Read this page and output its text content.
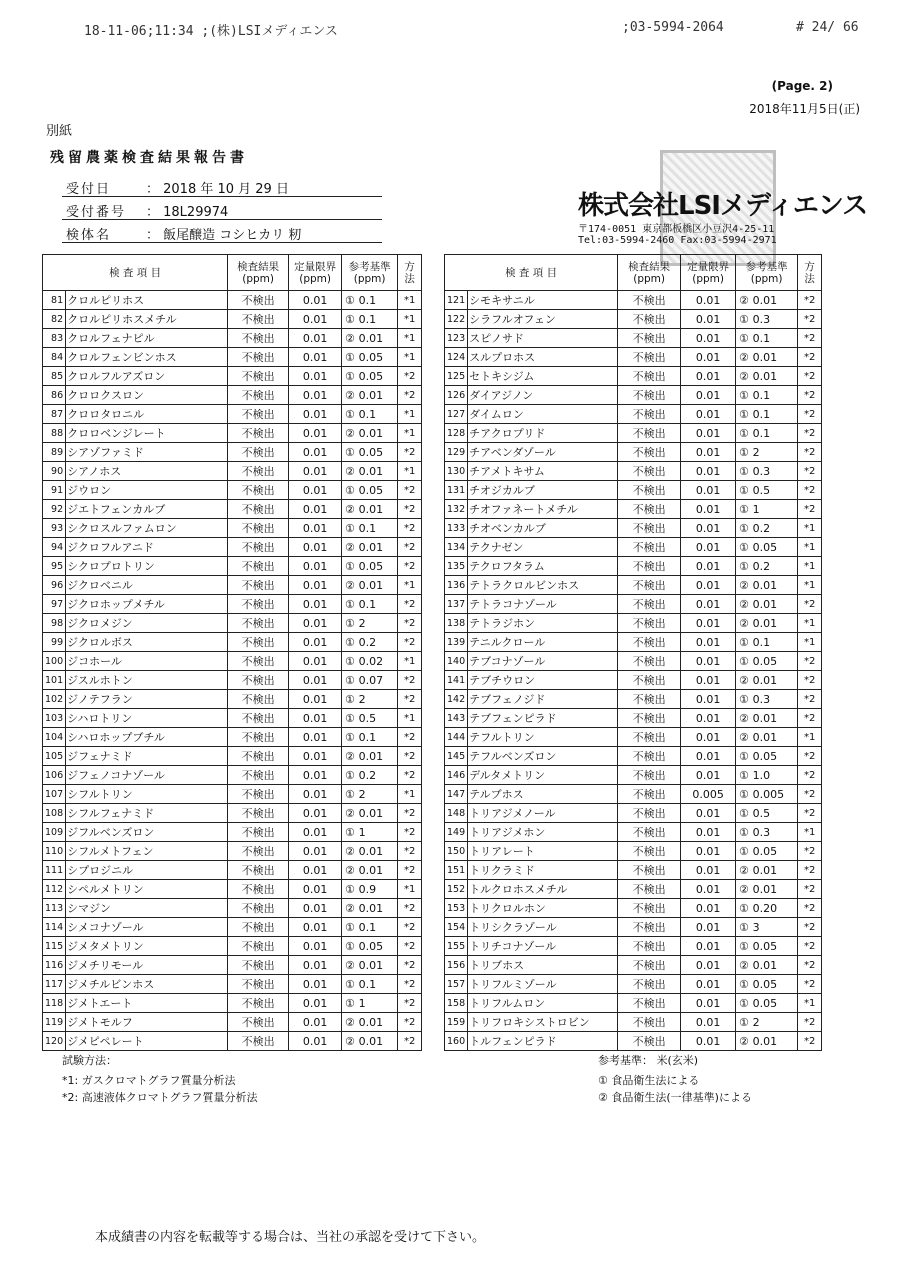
18-11-06;11:34 ;(株)LSIメディエンス	;03-5994-2064	# 24/ 66
(Page. 2)
2018年11月5日(正)
別紙
残留農薬検査結果報告書
受付日	： 2018 年 10 月 29 日
受付番号 ： 18L29974
検体名	： 飯尾醸造 コシヒカリ 籾
株式会社LSIメディエンス
〒174-0051 東京都板橋区小豆沢4-25-11
Tel:03-5994-2460 Fax:03-5994-2971
検 査 項 目		検査結果
(ppm)	定量限界
(ppm)	参考基準
(ppm)		方
法
81	クロルピリホス	不検出	0.01	①	0.1	*1
82	クロルピリホスメチル	不検出	0.01	①	0.1	*1
83	クロルフェナピル	不検出	0.01	②	0.01	*1
84	クロルフェンビンホス	不検出	0.01	①	0.05	*1
85	クロルフルアズロン	不検出	0.01	①	0.05	*2
86	クロロクスロン	不検出	0.01	②	0.01	*2
87	クロロタロニル	不検出	0.01	①	0.1	*1
88	クロロベンジレート	不検出	0.01	②	0.01	*1
89	シアゾファミド	不検出	0.01	①	0.05	*2
90	シアノホス	不検出	0.01	②	0.01	*1
91	ジウロン	不検出	0.01	①	0.05	*2
92	ジエトフェンカルブ	不検出	0.01	②	0.01	*2
93	シクロスルファムロン	不検出	0.01	①	0.1	*2
94	ジクロフルアニド	不検出	0.01	②	0.01	*2
95	シクロプロトリン	不検出	0.01	①	0.05	*2
96	ジクロベニル	不検出	0.01	②	0.01	*1
97	ジクロホップメチル	不検出	0.01	①	0.1	*2
98	ジクロメジン	不検出	0.01	①	2	*2
99	ジクロルボス	不検出	0.01	①	0.2	*2
100	ジコホール	不検出	0.01	①	0.02	*1
101	ジスルホトン	不検出	0.01	①	0.07	*2
102	ジノテフラン	不検出	0.01	①	2	*2
103	シハロトリン	不検出	0.01	①	0.5	*1
104	シハロホップブチル	不検出	0.01	①	0.1	*2
105	ジフェナミド	不検出	0.01	②	0.01	*2
106	ジフェノコナゾール	不検出	0.01	①	0.2	*2
107	シフルトリン	不検出	0.01	①	2	*1
108	シフルフェナミド	不検出	0.01	②	0.01	*2
109	ジフルベンズロン	不検出	0.01	①	1	*2
110	シフルメトフェン	不検出	0.01	②	0.01	*2
111	シプロジニル	不検出	0.01	②	0.01	*2
112	シペルメトリン	不検出	0.01	①	0.9	*1
113	シマジン	不検出	0.01	②	0.01	*2
114	シメコナゾール	不検出	0.01	①	0.1	*2
115	ジメタメトリン	不検出	0.01	①	0.05	*2
116	ジメチリモール	不検出	0.01	②	0.01	*2
117	ジメチルビンホス	不検出	0.01	①	0.1	*2
118	ジメトエート	不検出	0.01	①	1	*2
119	ジメトモルフ	不検出	0.01	②	0.01	*2
120	ジメピペレート	不検出	0.01	②	0.01	*2
検 査 項 目		検査結果
(ppm)	定量限界
(ppm)	参考基準
(ppm)		方
法
121	シモキサニル	不検出	0.01	②	0.01	*2
122	シラフルオフェン	不検出	0.01	①	0.3	*2
123	スピノサド	不検出	0.01	①	0.1	*2
124	スルプロホス	不検出	0.01	②	0.01	*2
125	セトキシジム	不検出	0.01	②	0.01	*2
126	ダイアジノン	不検出	0.01	①	0.1	*2
127	ダイムロン	不検出	0.01	①	0.1	*2
128	チアクロプリド	不検出	0.01	①	0.1	*2
129	チアベンダゾール	不検出	0.01	①	2	*2
130	チアメトキサム	不検出	0.01	①	0.3	*2
131	チオジカルブ	不検出	0.01	①	0.5	*2
132	チオファネートメチル	不検出	0.01	①	1	*2
133	チオベンカルブ	不検出	0.01	①	0.2	*1
134	テクナゼン	不検出	0.01	①	0.05	*1
135	テクロフタラム	不検出	0.01	①	0.2	*1
136	テトラクロルビンホス	不検出	0.01	②	0.01	*1
137	テトラコナゾール	不検出	0.01	②	0.01	*2
138	テトラジホン	不検出	0.01	②	0.01	*1
139	テニルクロール	不検出	0.01	①	0.1	*1
140	テブコナゾール	不検出	0.01	①	0.05	*2
141	テブチウロン	不検出	0.01	②	0.01	*2
142	テブフェノジド	不検出	0.01	①	0.3	*2
143	テブフェンピラド	不検出	0.01	②	0.01	*2
144	テフルトリン	不検出	0.01	②	0.01	*1
145	テフルベンズロン	不検出	0.01	①	0.05	*2
146	デルタメトリン	不検出	0.01	①	1.0	*2
147	テルブホス	不検出	0.005	①	0.005	*2
148	トリアジメノール	不検出	0.01	①	0.5	*2
149	トリアジメホン	不検出	0.01	①	0.3	*1
150	トリアレート	不検出	0.01	①	0.05	*2
151	トリクラミド	不検出	0.01	②	0.01	*2
152	トルクロホスメチル	不検出	0.01	②	0.01	*2
153	トリクロルホン	不検出	0.01	①	0.20	*2
154	トリシクラゾール	不検出	0.01	①	3	*2
155	トリチコナゾール	不検出	0.01	①	0.05	*2
156	トリブホス	不検出	0.01	②	0.01	*2
157	トリフルミゾール	不検出	0.01	①	0.05	*2
158	トリフルムロン	不検出	0.01	①	0.05	*1
159	トリフロキシストロビン	不検出	0.01	①	2	*2
160	トルフェンピラド	不検出	0.01	②	0.01	*2
試験方法：
*1: ガスクロマトグラフ質量分析法
*2: 高速液体クロマトグラフ質量分析法
参考基準： 米(玄米)
① 食品衛生法による
② 食品衛生法(一律基準)による
本成績書の内容を転載等する場合は、当社の承認を受けて下さい。
